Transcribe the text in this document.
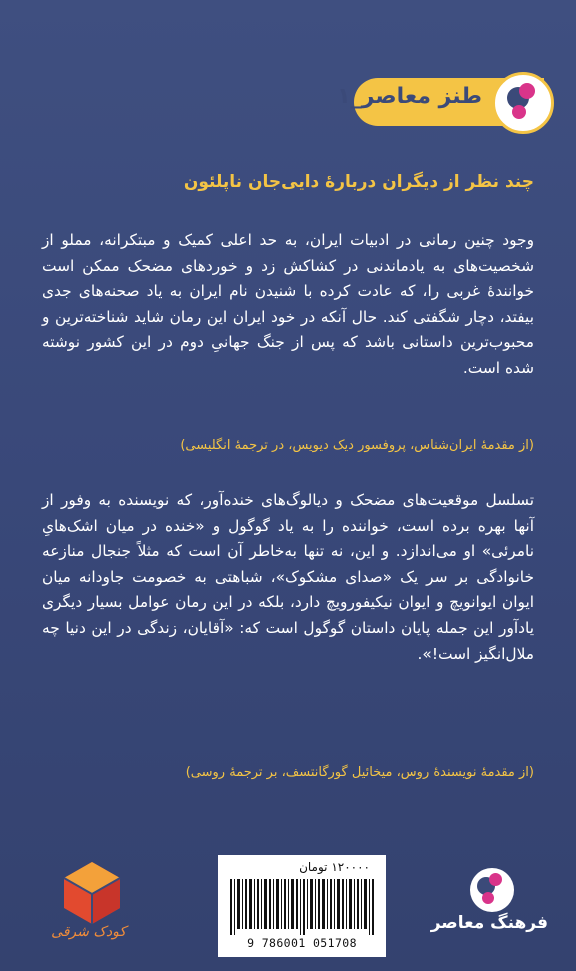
طنز معاصر_۱
چند نظر از دیگران دربارهٔ دایی‌جان ناپلئون
وجود چنین رمانی در ادبیات ایران، به حد اعلی کمیک و مبتکرانه، مملو از شخصیت‌های به یادماندنی در کشاکش زد و خوردهای مضحک ممکن است خوانندهٔ غربی را، که عادت کرده با شنیدن نام ایران به یاد صحنه‌های جدی بیفتد، دچار شگفتی کند. حال آنکه در خود ایران این رمان شاید شناخته‌ترین و محبوب‌ترین داستانی باشد که پس از جنگ جهانیِ دوم در این کشور نوشته شده است.
(از مقدمهٔ ایران‌شناس، پروفسور دیک دیویس، در ترجمهٔ انگلیسی)
تسلسل موقعیت‌های مضحک و دیالوگ‌های خنده‌آور، که نویسنده به وفور از آنها بهره برده است، خواننده را به یاد گوگول و «خنده در میان اشک‌هایِ نامرئی» او می‌اندازد. و این، نه تنها به‌خاطر آن است که مثلاً جنجال منازعه خانوادگی بر سر یک «صدای مشکوک»، شباهتی به خصومت جاودانه میان ایوان ایوانویچ و ایوان نیکیفورویچ دارد، بلکه در این رمان عوامل بسیار دیگری یادآور این جمله پایان داستان گوگول است که: «آقایان، زندگی در این دنیا چه ملال‌انگیز است!».
(از مقدمهٔ نویسندهٔ روس، میخائیل گورگانتسف، بر ترجمهٔ روسی)
کودک شرقی
۱۲۰۰۰۰ تومان
9 786001 051708
فرهنگ معاصر
